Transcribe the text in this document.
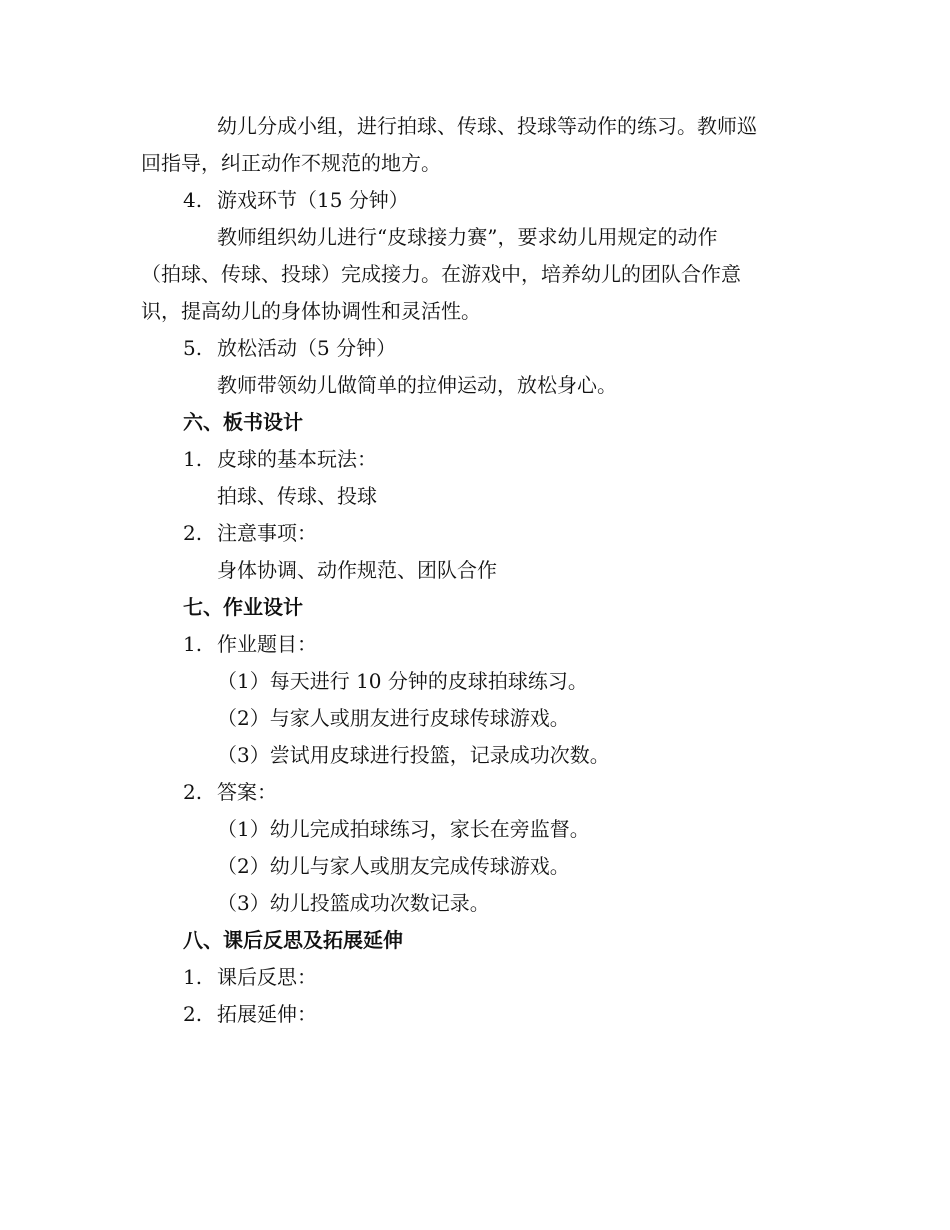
幼儿分成小组，进行拍球、传球、投球等动作的练习。教师巡
回指导，纠正动作不规范的地方。
4. 游戏环节（15 分钟）
教师组织幼儿进行“皮球接力赛”，要求幼儿用规定的动作
（拍球、传球、投球）完成接力。在游戏中，培养幼儿的团队合作意
识，提高幼儿的身体协调性和灵活性。
5. 放松活动（5 分钟）
教师带领幼儿做简单的拉伸运动，放松身心。
六、板书设计
1. 皮球的基本玩法：
拍球、传球、投球
2. 注意事项：
身体协调、动作规范、团队合作
七、作业设计
1. 作业题目：
（1）每天进行 10 分钟的皮球拍球练习。
（2）与家人或朋友进行皮球传球游戏。
（3）尝试用皮球进行投篮，记录成功次数。
2. 答案：
（1）幼儿完成拍球练习，家长在旁监督。
（2）幼儿与家人或朋友完成传球游戏。
（3）幼儿投篮成功次数记录。
八、课后反思及拓展延伸
1. 课后反思：
2. 拓展延伸：
